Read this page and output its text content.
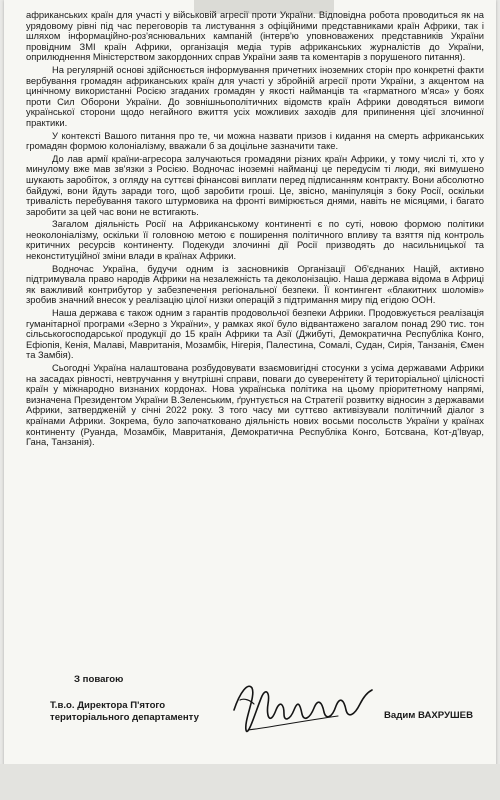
африканських країн для участі у військовій агресії проти України. Відповідна робота проводиться як на урядовому рівні під час переговорів та листування з офіційними представниками країн Африки, так і шляхом інформаційно-роз'яснювальних кампаній (інтерв'ю уповноважених представників України провідним ЗМІ країн Африки, організація медіа турів африканських журналістів до України, оприлюднення Міністерством закордонних справ України заяв та коментарів з порушеного питання).

На регулярній основі здійснюється інформування причетних іноземних сторін про конкретні факти вербування громадян африканських країн для участі у збройній агресії проти України, з акцентом на цинічному використанні Росією згаданих громадян у якості найманців та «гарматного м'яса» у боях проти Сил Оборони України. До зовнішньополітичних відомств країн Африки доводяться вимоги української сторони щодо негайного вжиття усіх можливих заходів для припинення цієї злочинної практики.

У контексті Вашого питання про те, чи можна назвати призов і кидання на смерть африканських громадян формою колоніалізму, вважали б за доцільне зазначити таке.

До лав армії країни-агресора залучаються громадяни різних країн Африки, у тому числі ті, хто у минулому вже мав зв'язки з Росією. Водночас іноземні найманці це передусім ті люди, які вимушено шукають заробіток, з огляду на суттєві фінансові виплати перед підписанням контракту. Вони абсолютно байдужі, вони йдуть заради того, щоб заробити гроші. Це, звісно, маніпуляція з боку Росії, оскільки тривалість перебування такого штурмовика на фронті вимірюється днями, навіть не місяцями, і багато заробити за цей час вони не встигають.

Загалом діяльність Росії на Африканському континенті є по суті, новою формою політики неоколоніалізму, оскільки її головною метою є поширення політичного впливу та взяття під контроль критичних ресурсів континенту. Подекуди злочинні дії Росії призводять до насильницької та неконституційної зміни влади в країнах Африки.

Водночас Україна, будучи одним із засновників Організації Об'єднаних Націй, активно підтримувала право народів Африки на незалежність та деколонізацію. Наша держава відома в Африці як важливий контрибутор у забезпечення регіональної безпеки. Її контингент «блакитних шоломів» зробив значний внесок у реалізацію цілої низки операцій з підтримання миру під егідою ООН.

Наша держава є також одним з гарантів продовольчої безпеки Африки. Продовжується реалізація гуманітарної програми «Зерно з України», у рамках якої було відвантажено загалом понад 290 тис. тон сільськогосподарської продукції до 15 країн Африки та Азії (Джибуті, Демократична Республіка Конго, Ефіопія, Кенія, Малаві, Мавританія, Мозамбік, Нігерія, Палестина, Сомалі, Судан, Сирія, Танзанія, Ємен та Замбія).

Сьогодні Україна налаштована розбудовувати взаємовигідні стосунки з усіма державами Африки на засадах рівності, невтручання у внутрішні справи, поваги до суверенітету й територіальної цілісності країн у міжнародно визнаних кордонах. Нова українська політика на цьому пріоритетному напрямі, визначена Президентом України В.Зеленським, ґрунтується на Стратегії розвитку відносин з державами Африки, затвердженій у січні 2022 року. З того часу ми суттєво активізували політичний діалог з країнами Африки. Зокрема, було започатковано діяльність нових восьми посольств України у країнах континенту (Руанда, Мозамбік, Мавританія, Демократична Республіка Конго, Ботсвана, Кот-д'Івуар, Гана, Танзанія).

З повагою
Т.в.о. Директора П'ятого територіального департаменту	Вадим ВАХРУШЕВ
